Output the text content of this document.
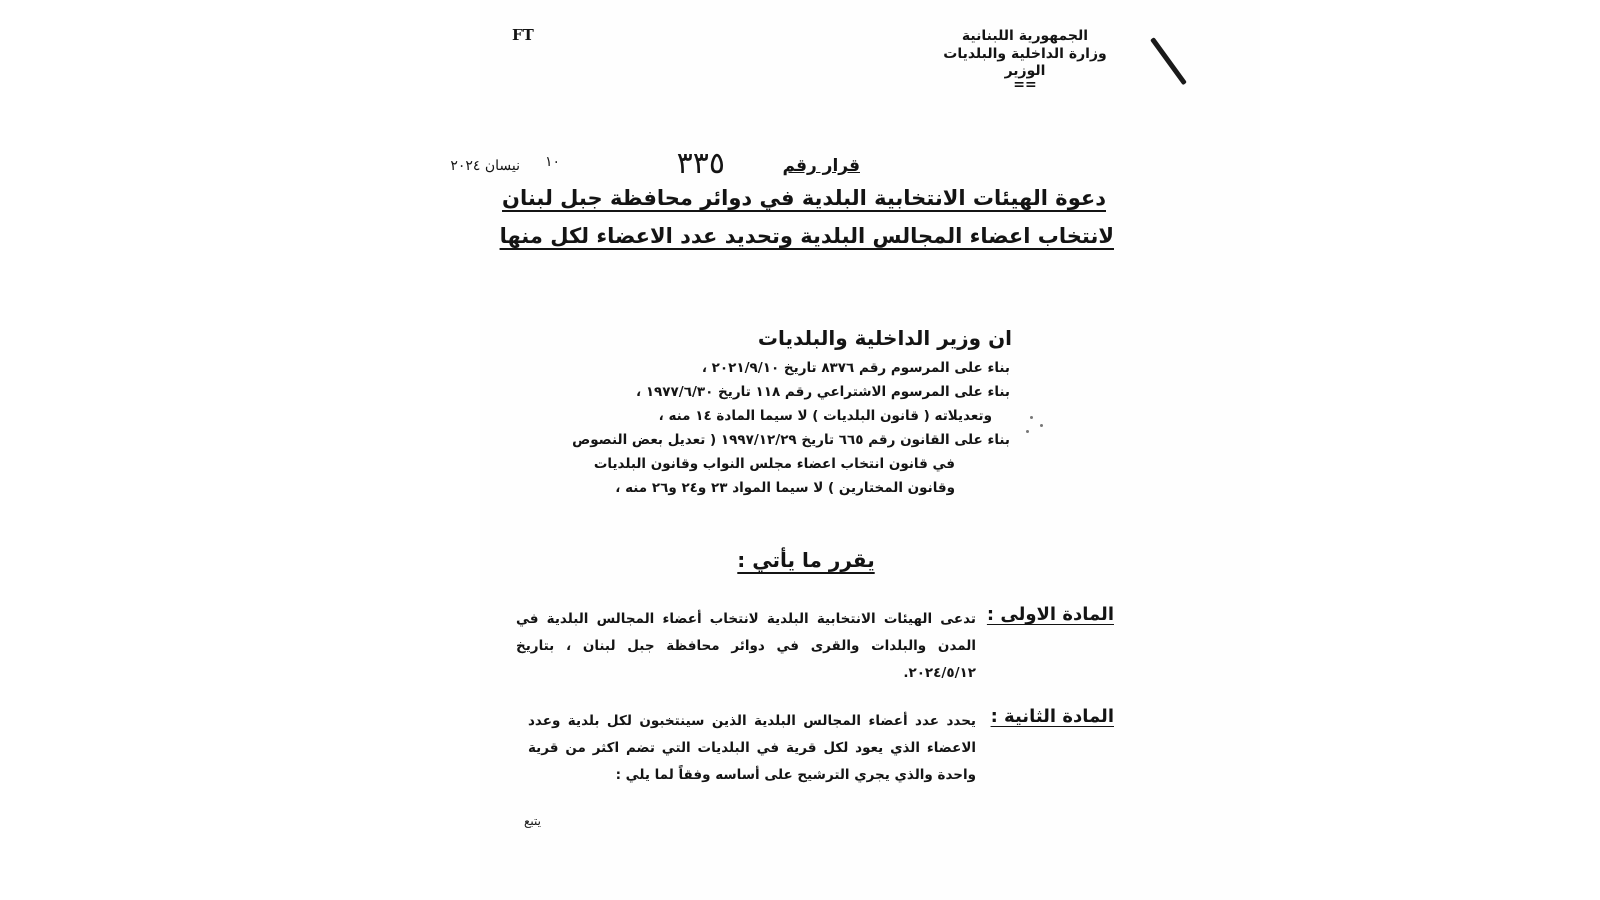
FT	الجمهورية اللبنانية
وزارة الداخلية والبلديات
الوزير
==
قرار رقم
٣٣٥
١٠
نيسان ٢٠٢٤
دعوة الهيئات الانتخابية البلدية في دوائر محافظة جبل لبنان
لانتخاب اعضاء المجالس البلدية وتحديد عدد الاعضاء لكل منها
ان وزير الداخلية والبلديات
بناء على المرسوم رقم ٨٣٧٦ تاريخ ٢٠٢١/٩/١٠ ،
بناء على المرسوم الاشتراعي رقم ١١٨ تاريخ ١٩٧٧/٦/٣٠ ،
وتعديلاته ( قانون البلديات ) لا سيما المادة ١٤ منه ،
بناء على القانون رقم ٦٦٥ تاريخ ١٩٩٧/١٢/٢٩ ( تعديل بعض النصوص
في قانون انتخاب اعضاء مجلس النواب وقانون البلديات
وقانون المختارين ) لا سيما المواد ٢٣ و٢٤ و٢٦ منه ،
يقرر ما يأتي :
المادة الاولى :
تدعى الهيئات الانتخابية البلدية لانتخاب أعضاء المجالس البلدية في المدن والبلدات والقرى في دوائر محافظة جبل لبنان ، بتاريخ ٢٠٢٤/٥/١٢.
المادة الثانية :
يحدد عدد أعضاء المجالس البلدية الذين سينتخبون لكل بلدية وعدد الاعضاء الذي يعود لكل قرية في البلديات التي تضم اكثر من قرية واحدة والذي يجري الترشيح على أساسه وفقاً لما يلي :
يتبع
